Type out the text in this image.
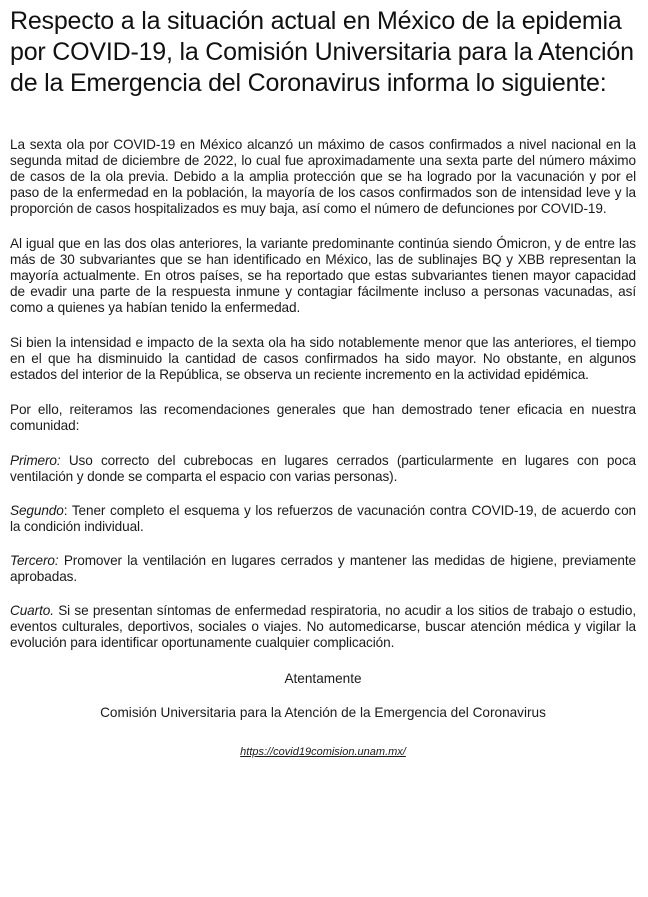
Respecto a la situación actual en México de la epidemia por COVID-19, la Comisión Universitaria para la Atención de la Emergencia del Coronavirus informa lo siguiente:

La sexta ola por COVID-19 en México alcanzó un máximo de casos confirmados a nivel nacional en la segunda mitad de diciembre de 2022, lo cual fue aproximadamente una sexta parte del número máximo de casos de la ola previa. Debido a la amplia protección que se ha logrado por la vacunación y por el paso de la enfermedad en la población, la mayoría de los casos confirmados son de intensidad leve y la proporción de casos hospitalizados es muy baja, así como el número de defunciones por COVID-19.

Al igual que en las dos olas anteriores, la variante predominante continúa siendo Ómicron, y de entre las más de 30 subvariantes que se han identificado en México, las de sublinajes BQ y XBB representan la mayoría actualmente. En otros países, se ha reportado que estas subvariantes tienen mayor capacidad de evadir una parte de la respuesta inmune y contagiar fácilmente incluso a personas vacunadas, así como a quienes ya habían tenido la enfermedad.

Si bien la intensidad e impacto de la sexta ola ha sido notablemente menor que las anteriores, el tiempo en el que ha disminuido la cantidad de casos confirmados ha sido mayor. No obstante, en algunos estados del interior de la República, se observa un reciente incremento en la actividad epidémica.

Por ello, reiteramos las recomendaciones generales que han demostrado tener eficacia en nuestra comunidad:

Primero: Uso correcto del cubrebocas en lugares cerrados (particularmente en lugares con poca ventilación y donde se comparta el espacio con varias personas).

Segundo: Tener completo el esquema y los refuerzos de vacunación contra COVID-19, de acuerdo con la condición individual.

Tercero: Promover la ventilación en lugares cerrados y mantener las medidas de higiene, previamente aprobadas.

Cuarto. Si se presentan síntomas de enfermedad respiratoria, no acudir a los sitios de trabajo o estudio, eventos culturales, deportivos, sociales o viajes. No automedicarse, buscar atención médica y vigilar la evolución para identificar oportunamente cualquier complicación.

Atentamente
Comisión Universitaria para la Atención de la Emergencia del Coronavirus
https://covid19comision.unam.mx/
